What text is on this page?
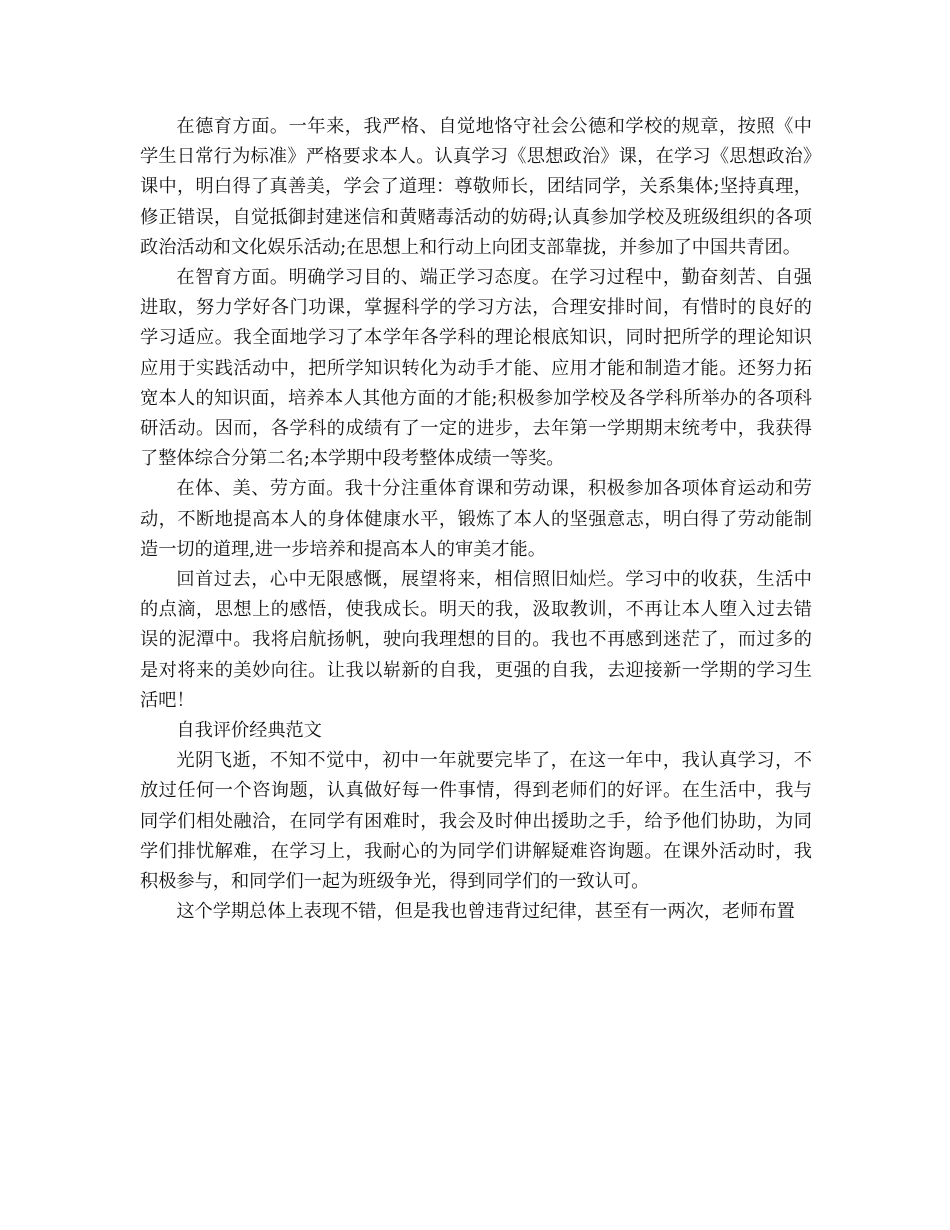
在德育方面。一年来，我严格、自觉地恪守社会公德和学校的规章，按照《中学生日常行为标准》严格要求本人。认真学习《思想政治》课，在学习《思想政治》课中，明白得了真善美，学会了道理：尊敬师长，团结同学，关系集体;坚持真理，修正错误，自觉抵御封建迷信和黄赌毒活动的妨碍;认真参加学校及班级组织的各项政治活动和文化娱乐活动;在思想上和行动上向团支部靠拢，并参加了中国共青团。

在智育方面。明确学习目的、端正学习态度。在学习过程中，勤奋刻苦、自强进取，努力学好各门功课，掌握科学的学习方法，合理安排时间，有惜时的良好的学习适应。我全面地学习了本学年各学科的理论根底知识，同时把所学的理论知识应用于实践活动中，把所学知识转化为动手才能、应用才能和制造才能。还努力拓宽本人的知识面，培养本人其他方面的才能;积极参加学校及各学科所举办的各项科研活动。因而，各学科的成绩有了一定的进步，去年第一学期期末统考中，我获得了整体综合分第二名;本学期中段考整体成绩一等奖。

在体、美、劳方面。我十分注重体育课和劳动课，积极参加各项体育运动和劳动，不断地提高本人的身体健康水平，锻炼了本人的坚强意志，明白得了劳动能制造一切的道理,进一步培养和提高本人的审美才能。

回首过去，心中无限感慨，展望将来，相信照旧灿烂。学习中的收获，生活中的点滴，思想上的感悟，使我成长。明天的我，汲取教训，不再让本人堕入过去错误的泥潭中。我将启航扬帆，驶向我理想的目的。我也不再感到迷茫了，而过多的是对将来的美妙向往。让我以崭新的自我，更强的自我，去迎接新一学期的学习生活吧！

自我评价经典范文

光阴飞逝，不知不觉中，初中一年就要完毕了，在这一年中，我认真学习，不放过任何一个咨询题，认真做好每一件事情，得到老师们的好评。在生活中，我与同学们相处融洽，在同学有困难时，我会及时伸出援助之手，给予他们协助，为同学们排忧解难，在学习上，我耐心的为同学们讲解疑难咨询题。在课外活动时，我积极参与，和同学们一起为班级争光，得到同学们的一致认可。

这个学期总体上表现不错，但是我也曾违背过纪律，甚至有一两次，老师布置
